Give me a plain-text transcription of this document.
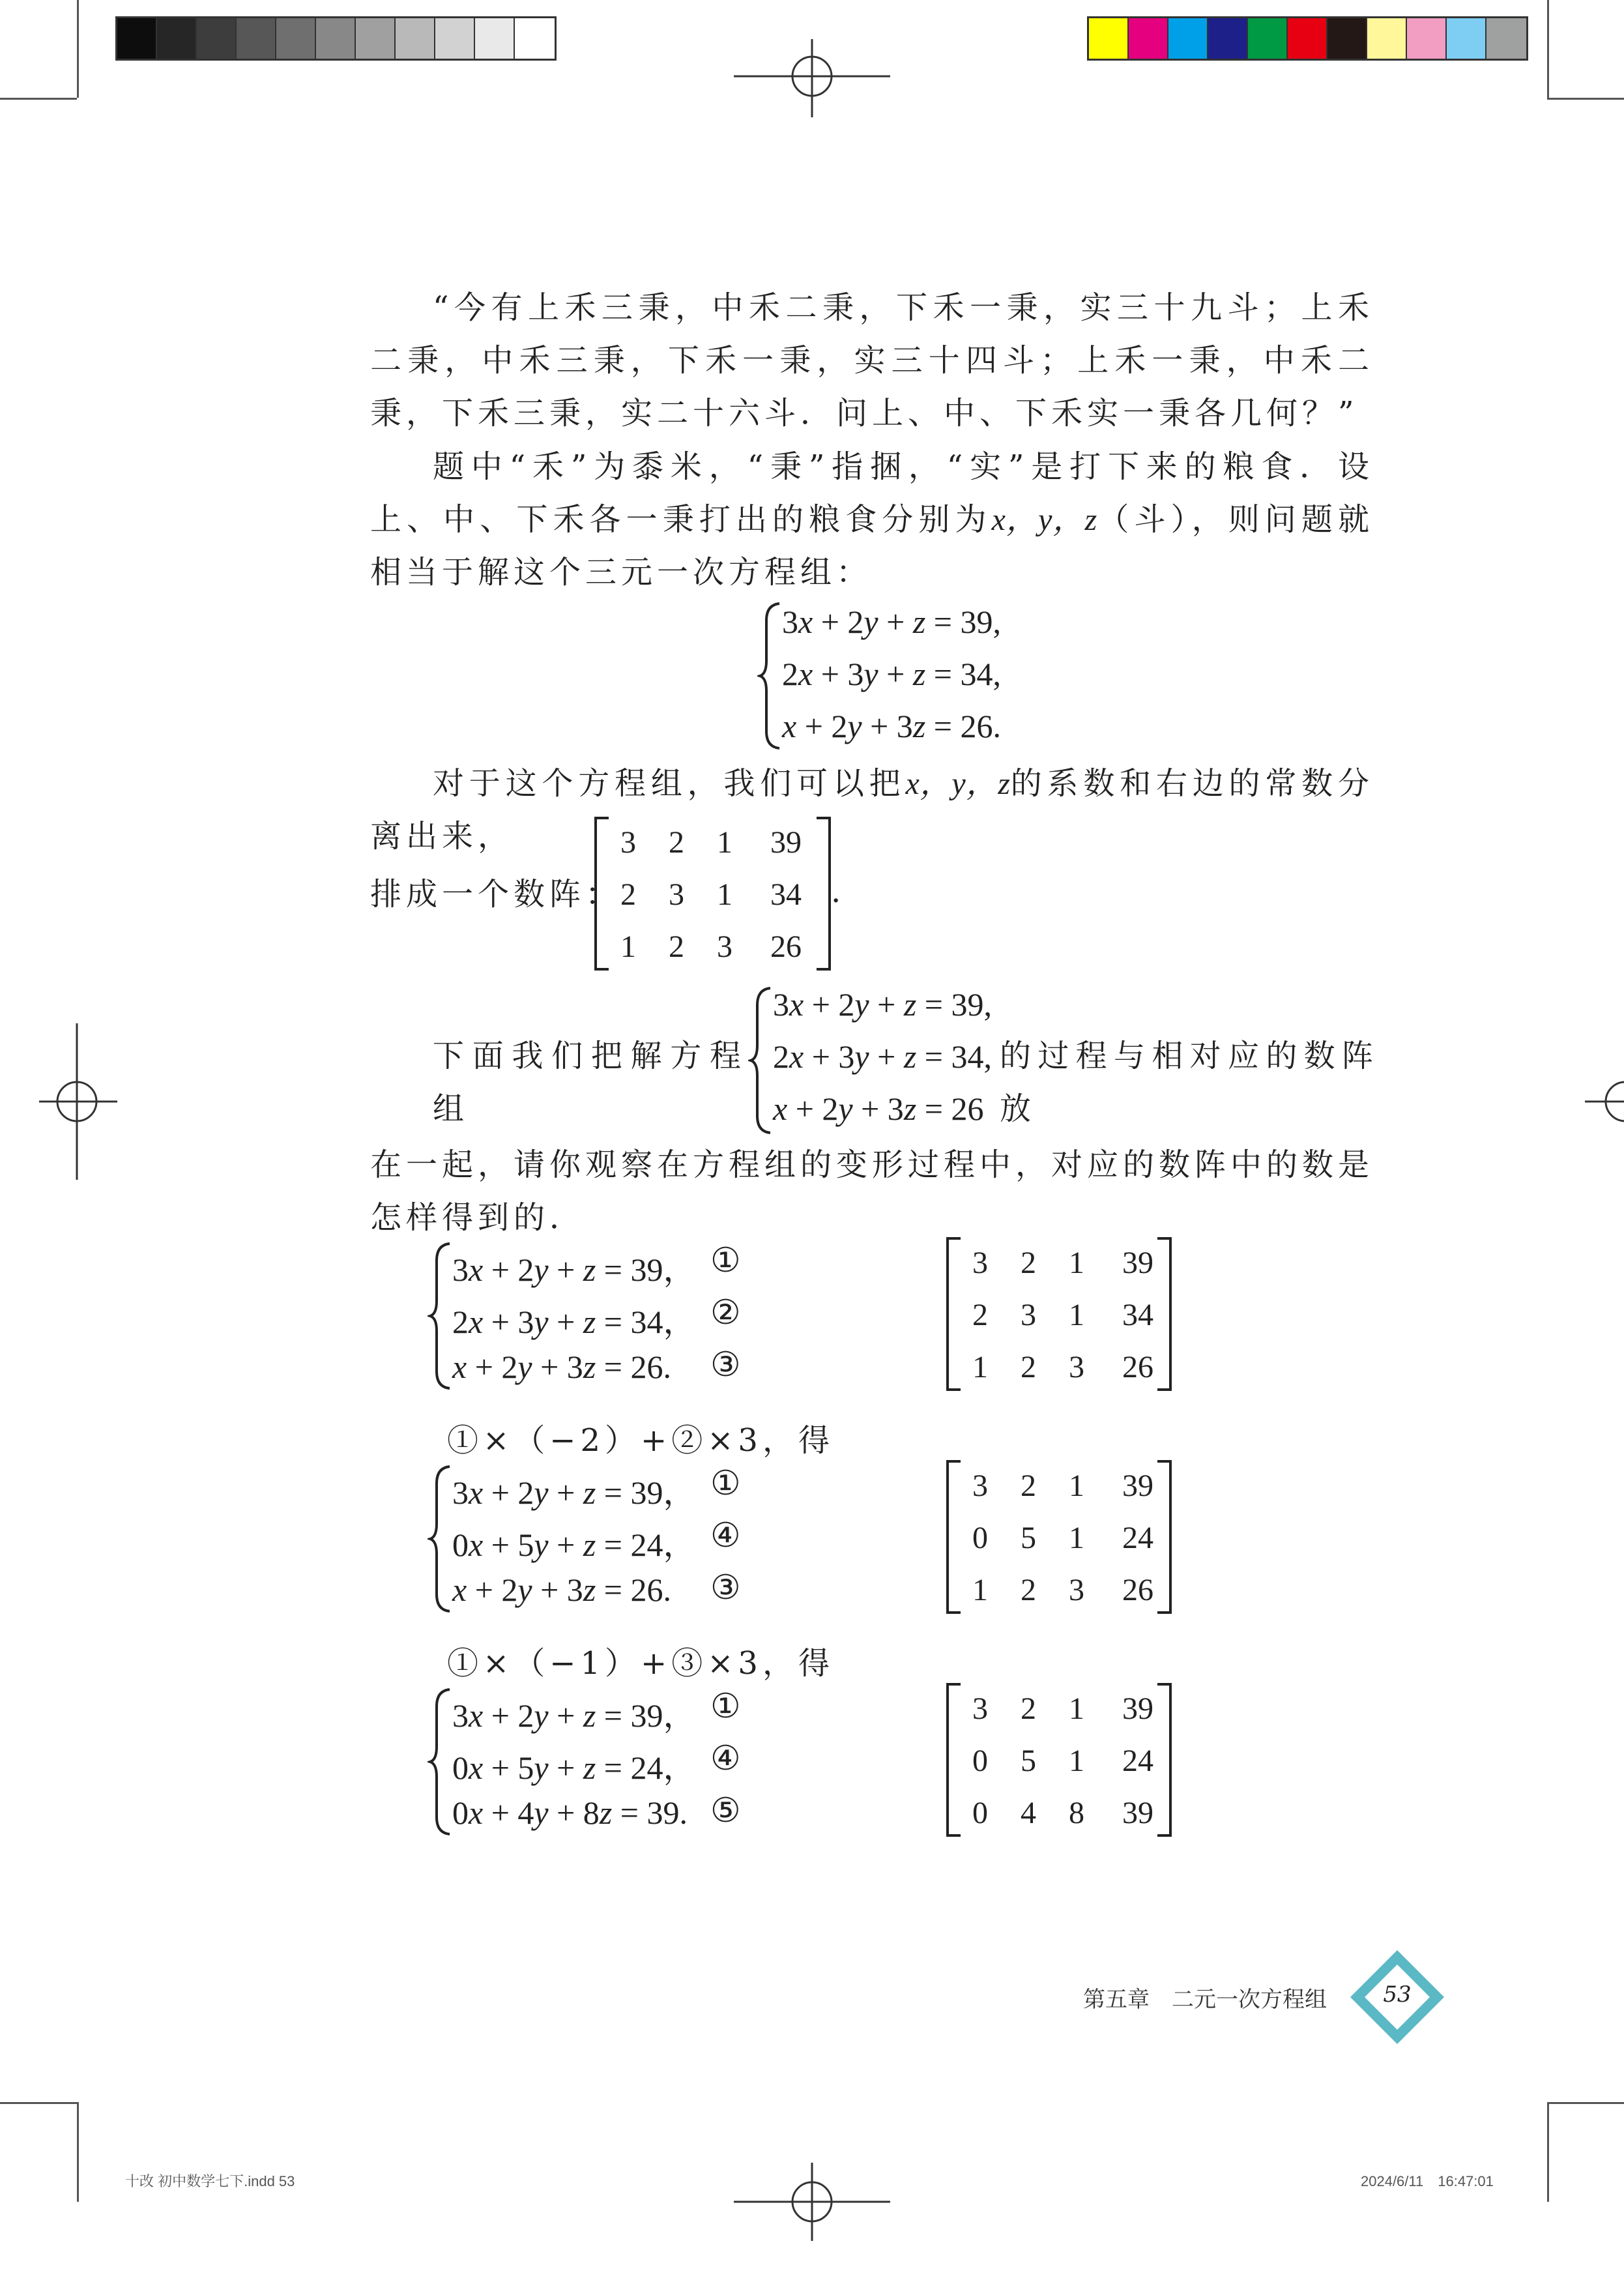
“今有上禾三秉，中禾二秉，下禾一秉，实三十九斗；上禾二秉，中禾三秉，下禾一秉，实三十四斗；上禾一秉，中禾二秉，下禾三秉，实二十六斗．问上、中、下禾实一秉各几何？”
题中“禾”为黍米，“秉”指捆，“实”是打下来的粮食．设上、中、下禾各一秉打出的粮食分别为x，y，z（斗），则问题就相当于解这个三元一次方程组：
3x + 2y + z = 39,
2x + 3y + z = 34,
x + 2y + 3z = 26.
对于这个方程组，我们可以把x，y，z的系数和右边的常数分离出来，
排成一个数阵：
3	2	1	39
2	3	1	34
1	2	3	26
.
下面我们把解方程组
3x + 2y + z = 39,
2x + 3y + z = 34,
x + 2y + 3z = 26
的过程与相对应的数阵放
在一起，请你观察在方程组的变形过程中，对应的数阵中的数是怎样得到的．
3x + 2y + z = 39， ①
2x + 3y + z = 34， ②
x + 2y + 3z = 26. ③
3	2	1	39
2	3	1	34
1	2	3	26
3x + 2y + z = 39， ①
0x + 5y + z = 24， ④
x + 2y + 3z = 26. ③
3	2	1	39
0	5	1	24
1	2	3	26
3x + 2y + z = 39， ①
0x + 5y + z = 24， ④
0x + 4y + 8z = 39. ⑤
3	2	1	39
0	5	1	24
0	4	8	39
①×（−2）+②×3，得
①×（−1）+③×3，得
第五章　二元一次方程组	53
十改 初中数学七下.indd 53	2024/6/11　16:47:01
